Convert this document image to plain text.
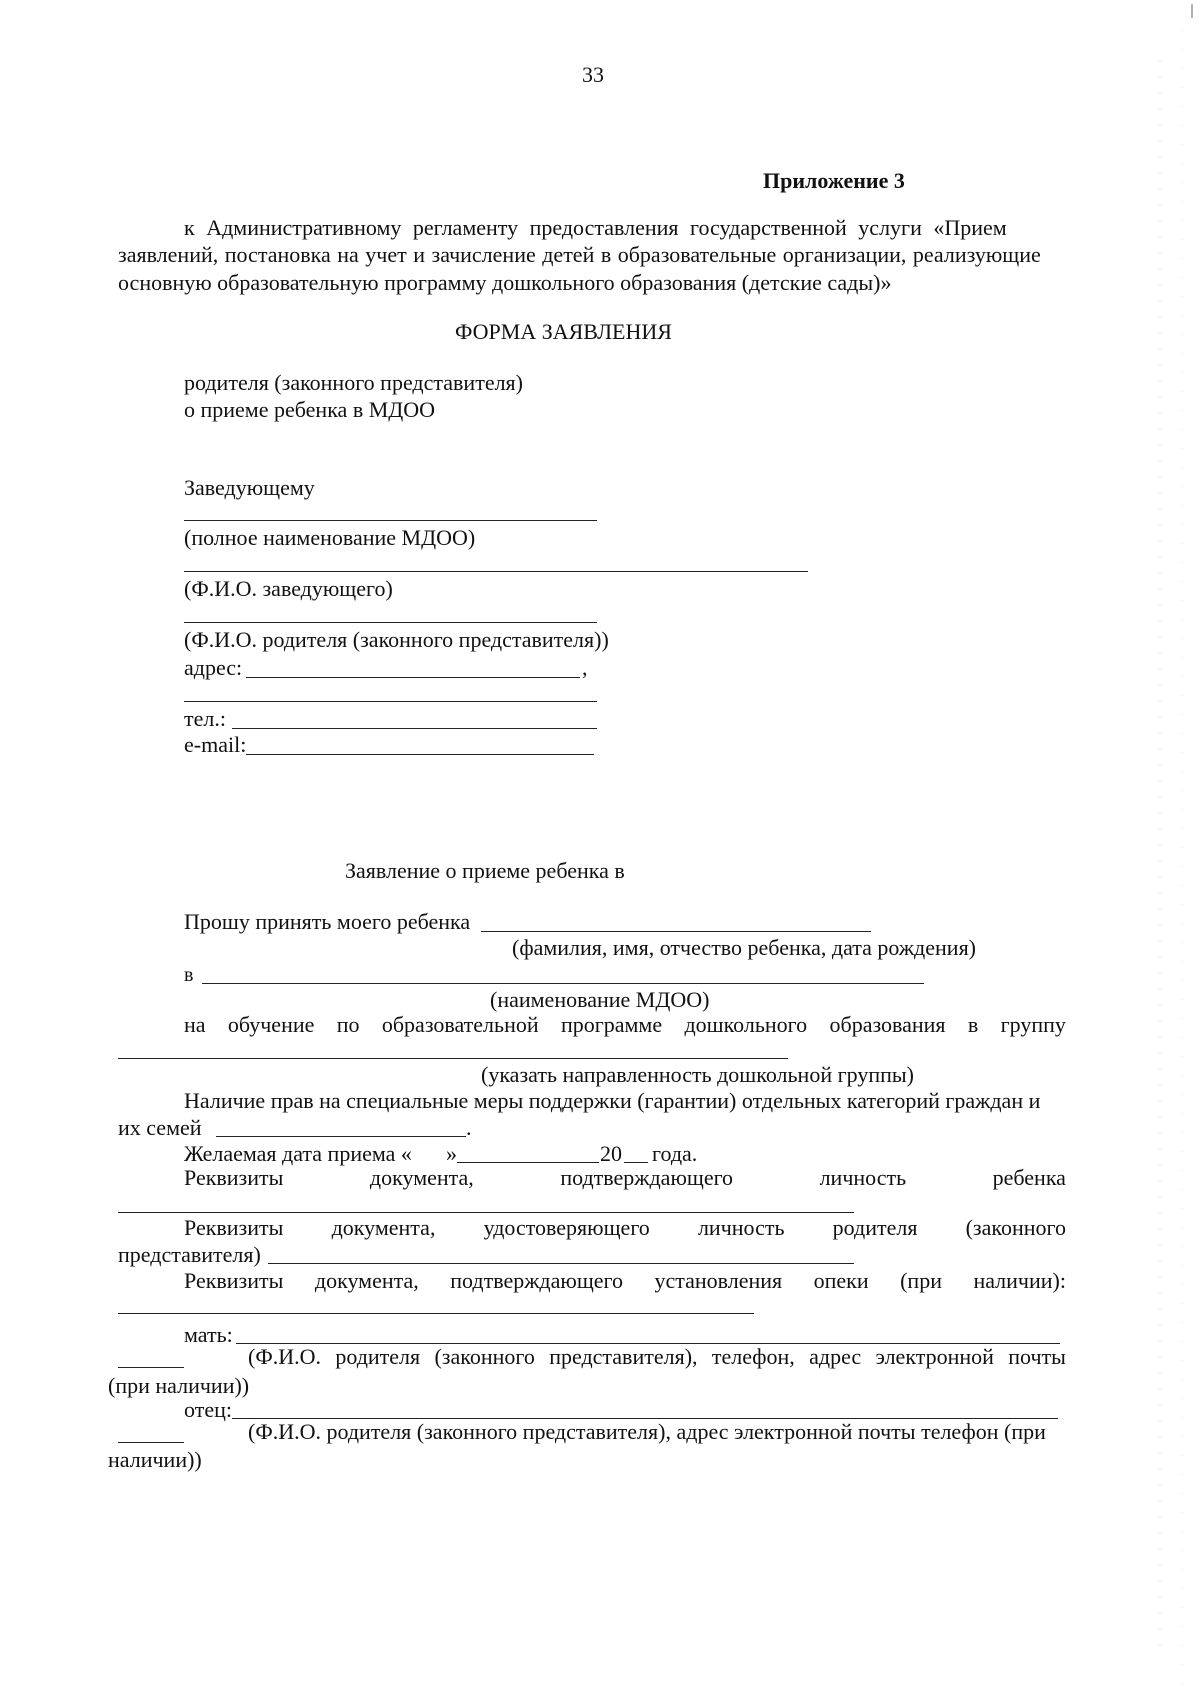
33
Приложение 3
к Административному регламенту предоставления государственной услуги «Прием
заявлений, постановка на учет и зачисление детей в образовательные организации, реализующие
основную образовательную программу дошкольного образования (детские сады)»
ФОРМА ЗАЯВЛЕНИЯ
родителя (законного представителя)
о приеме ребенка в МДОО
Заведующему
(полное наименование МДОО)
(Ф.И.О. заведующего)
(Ф.И.О. родителя (законного представителя))
адрес:	,
тел.:
e-mail:
Заявление о приеме ребенка в
Прошу принять моего ребенка
(фамилия, имя, отчество ребенка, дата рождения)
в
(наименование МДОО)
на обучение по образовательной программе дошкольного образования в группу
(указать направленность дошкольной группы)
Наличие прав на специальные меры поддержки (гарантии) отдельных категорий граждан и
их семей	.
Желаемая дата приема « »	20 года.
Реквизиты	документа,	подтверждающего	личность	ребенка
Реквизиты документа, удостоверяющего личность родителя (законного
представителя)
Реквизиты документа, подтверждающего установления опеки (при наличии):
мать:
(Ф.И.О. родителя (законного представителя), телефон, адрес электронной почты
(при наличии))
отец:
(Ф.И.О. родителя (законного представителя), адрес электронной почты телефон (при
наличии))
